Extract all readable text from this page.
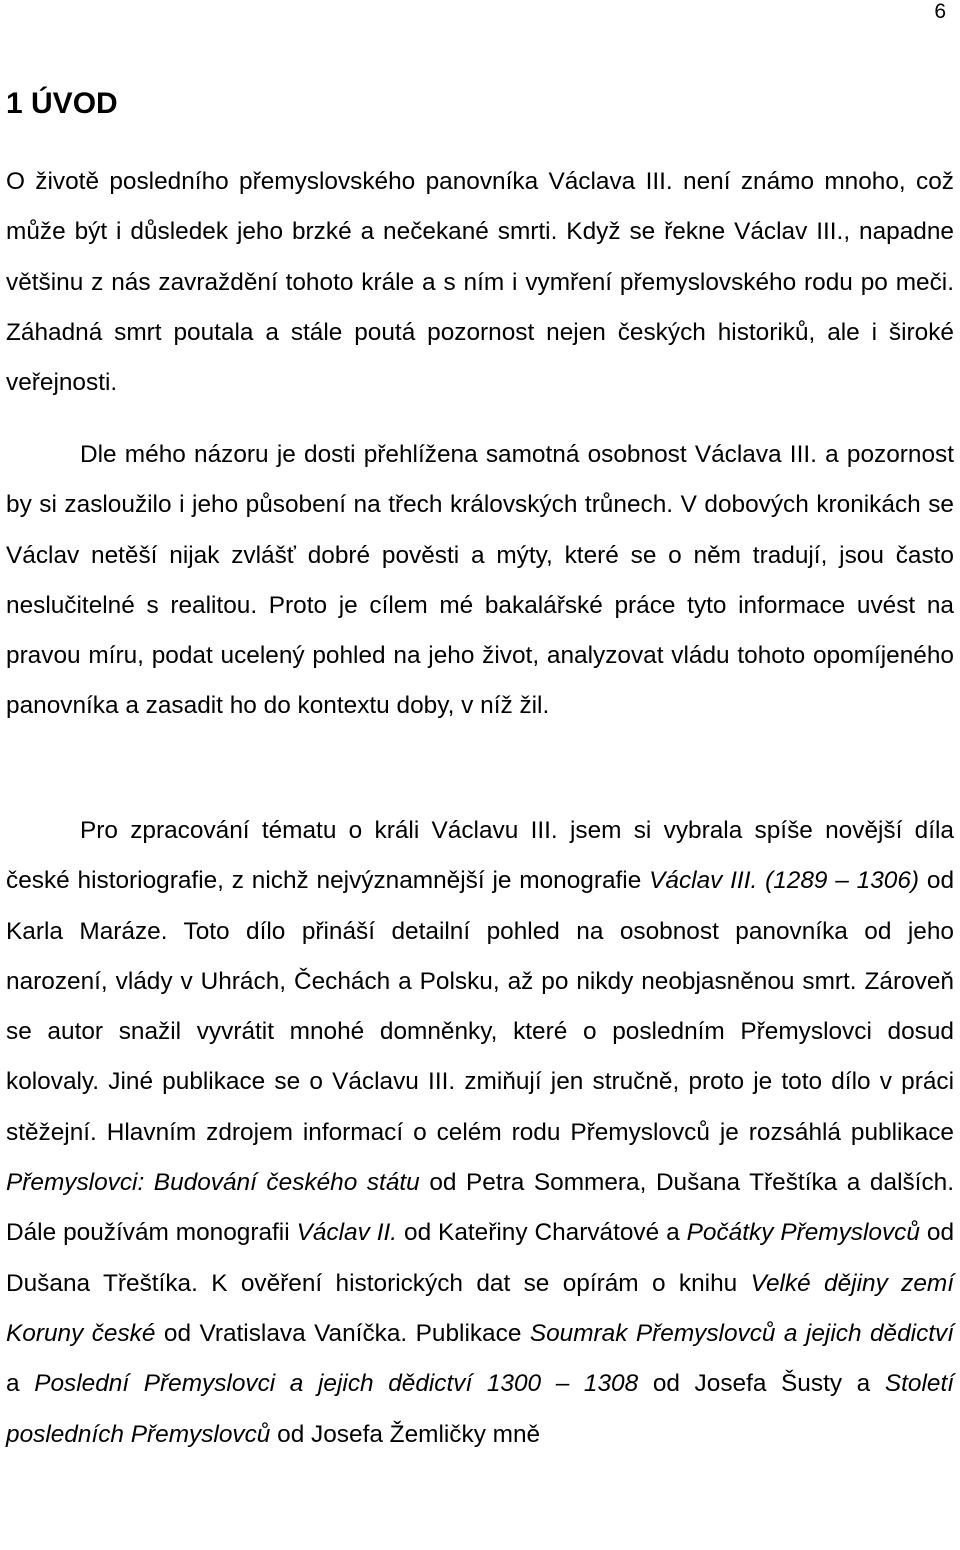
6
1 ÚVOD

O životě posledního přemyslovského panovníka Václava III. není známo mnoho, což může být i důsledek jeho brzké a nečekané smrti. Když se řekne Václav III., napadne většinu z nás zavraždění tohoto krále a s ním i vymření přemyslovského rodu po meči. Záhadná smrt poutala a stále poutá pozornost nejen českých historiků, ale i široké veřejnosti.

Dle mého názoru je dosti přehlížena samotná osobnost Václava III. a pozornost by si zasloužilo i jeho působení na třech královských trůnech. V dobových kronikách se Václav netěší nijak zvlášť dobré pověsti a mýty, které se o něm tradují, jsou často neslučitelné s realitou. Proto je cílem mé bakalářské práce tyto informace uvést na pravou míru, podat ucelený pohled na jeho život, analyzovat vládu tohoto opomíjeného panovníka a zasadit ho do kontextu doby, v níž žil.

Pro zpracování tématu o králi Václavu III. jsem si vybrala spíše novější díla české historiografie, z nichž nejvýznamnější je monografie Václav III. (1289 – 1306) od Karla Maráze. Toto dílo přináší detailní pohled na osobnost panovníka od jeho narození, vlády v Uhrách, Čechách a Polsku, až po nikdy neobjasněnou smrt. Zároveň se autor snažil vyvrátit mnohé domněnky, které o posledním Přemyslovci dosud kolovaly. Jiné publikace se o Václavu III. zmiňují jen stručně, proto je toto dílo v práci stěžejní. Hlavním zdrojem informací o celém rodu Přemyslovců je rozsáhlá publikace Přemyslovci: Budování českého státu od Petra Sommera, Dušana Třeštíka a dalších. Dále používám monografii Václav II. od Kateřiny Charvátové a Počátky Přemyslovců od Dušana Třeštíka. K ověření historických dat se opírám o knihu Velké dějiny zemí Koruny české od Vratislava Vaníčka. Publikace Soumrak Přemyslovců a jejich dědictví a Poslední Přemyslovci a jejich dědictví 1300 – 1308 od Josefa Šusty a Století posledních Přemyslovců od Josefa Žemličky mně
